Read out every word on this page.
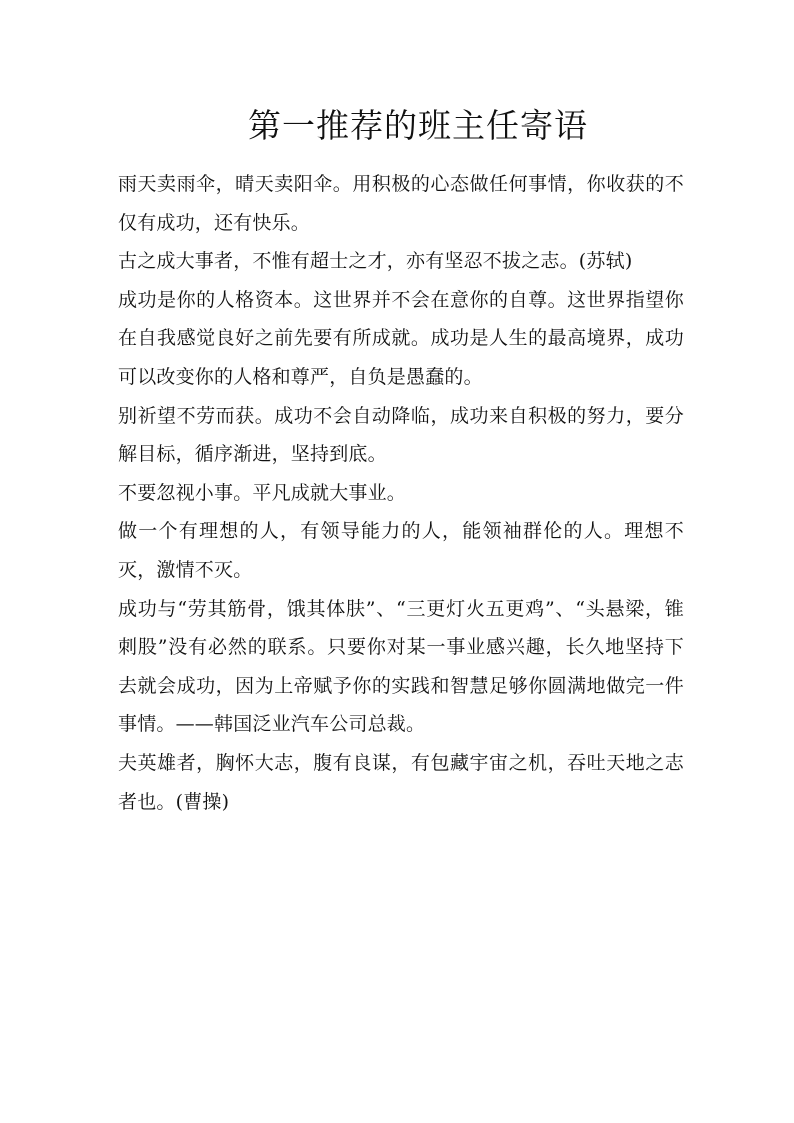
第一推荐的班主任寄语

雨天卖雨伞，晴天卖阳伞。用积极的心态做任何事情，你收获的不仅有成功，还有快乐。

古之成大事者，不惟有超士之才，亦有坚忍不拔之志。(苏轼)

成功是你的人格资本。这世界并不会在意你的自尊。这世界指望你在自我感觉良好之前先要有所成就。成功是人生的最高境界，成功可以改变你的人格和尊严，自负是愚蠢的。

别祈望不劳而获。成功不会自动降临，成功来自积极的努力，要分解目标，循序渐进，坚持到底。

不要忽视小事。平凡成就大事业。

做一个有理想的人，有领导能力的人，能领袖群伦的人。理想不灭，激情不灭。

成功与“劳其筋骨，饿其体肤”、“三更灯火五更鸡”、“头悬梁，锥刺股”没有必然的联系。只要你对某一事业感兴趣，长久地坚持下去就会成功，因为上帝赋予你的实践和智慧足够你圆满地做完一件事情。——韩国泛业汽车公司总裁。

夫英雄者，胸怀大志，腹有良谋，有包藏宇宙之机，吞吐天地之志者也。(曹操)
